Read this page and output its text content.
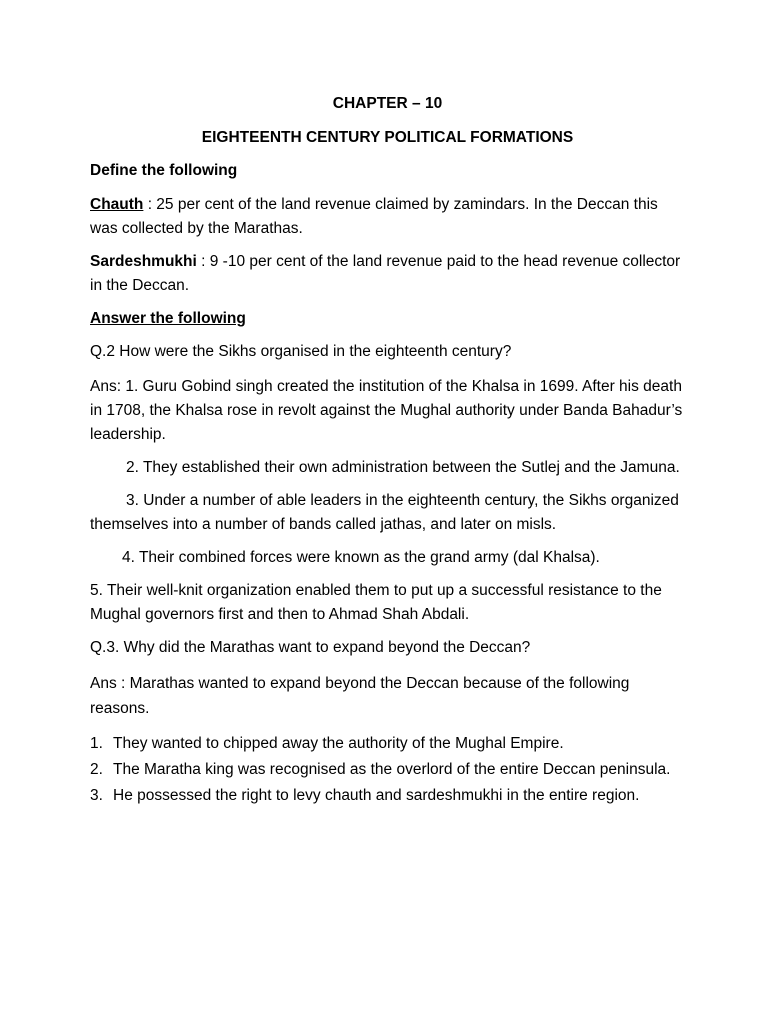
CHAPTER – 10

EIGHTEENTH CENTURY POLITICAL FORMATIONS

Define the following

Chauth : 25 per cent of the land revenue claimed by zamindars. In the Deccan this was collected by the Marathas.

Sardeshmukhi : 9 -10 per cent of the land revenue paid to the head revenue collector in the Deccan.

Answer the following

Q.2 How were the Sikhs organised in the eighteenth century?

Ans: 1. Guru Gobind singh created the institution of the Khalsa in 1699. After his death in 1708, the Khalsa rose in revolt against the Mughal authority under Banda Bahadur’s leadership.

2. They established their own administration between the Sutlej and the Jamuna.

3. Under a number of able leaders in the eighteenth century, the Sikhs organized themselves into a number of bands called jathas, and later on misls.

4. Their combined forces were known as the grand army (dal Khalsa).

5. Their well-knit organization enabled them to put up a successful resistance to the Mughal governors first and then to Ahmad Shah Abdali.

Q.3. Why did the Marathas want to expand beyond the Deccan?

Ans : Marathas wanted to expand beyond the Deccan because of the following reasons.

1. They wanted to chipped away the authority of the Mughal Empire.
2. The Maratha king was recognised as the overlord of the entire Deccan peninsula.
3. He possessed the right to levy chauth and sardeshmukhi in the entire region.
